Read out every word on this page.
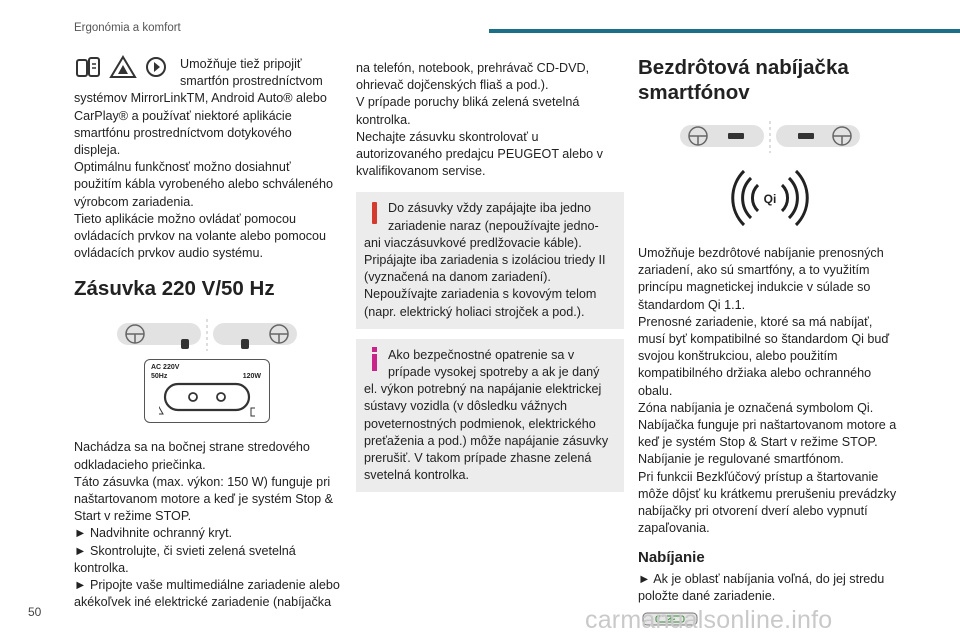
Ergonómia a komfort

Umožňuje tiež pripojiť smartfón prostredníctvom

systémov MirrorLinkTM, Android Auto® alebo CarPlay® a používať niektoré aplikácie smartfónu prostredníctvom dotykového displeja.

Optimálnu funkčnosť možno dosiahnuť použitím kábla vyrobeného alebo schváleného výrobcom zariadenia.

Tieto aplikácie možno ovládať pomocou ovládacích prvkov na volante alebo pomocou ovládacích prvkov audio systému.

Zásuvka 220 V/50 Hz

AC 220V
50Hz	120W

Nachádza sa na bočnej strane stredového odkladacieho priečinka.

Táto zásuvka (max. výkon: 150 W) funguje pri naštartovanom motore a keď je systém Stop & Start v režime STOP.

► Nadvihnite ochranný kryt.

► Skontrolujte, či svieti zelená svetelná kontrolka.

► Pripojte vaše multimediálne zariadenie alebo akékoľvek iné elektrické zariadenie (nabíjačka

na telefón, notebook, prehrávač CD-DVD, ohrievač dojčenských fliaš a pod.).

V prípade poruchy bliká zelená svetelná kontrolka.

Nechajte zásuvku skontrolovať u autorizovaného predajcu PEUGEOT alebo v kvalifikovanom servise.

Do zásuvky vždy zapájajte iba jedno zariadenie naraz (nepoužívajte jedno- ani viaczásuvkové predlžovacie káble).

Pripájajte iba zariadenia s izoláciou triedy II (vyznačená na danom zariadení).

Nepoužívajte zariadenia s kovovým telom (napr. elektrický holiaci strojček a pod.).

Ako bezpečnostné opatrenie sa v prípade vysokej spotreby a ak je daný el. výkon potrebný na napájanie elektrickej sústavy vozidla (v dôsledku vážnych poveternostných podmienok, elektrického preťaženia a pod.) môže napájanie zásuvky prerušiť. V takom prípade zhasne zelená svetelná kontrolka.

Bezdrôtová nabíjačka smartfónov

Qi

Umožňuje bezdrôtové nabíjanie prenosných zariadení, ako sú smartfóny, a to využitím princípu magnetickej indukcie v súlade so štandardom Qi 1.1.

Prenosné zariadenie, ktoré sa má nabíjať, musí byť kompatibilné so štandardom Qi buď svojou konštrukciou, alebo použitím kompatibilného držiaka alebo ochranného obalu.

Zóna nabíjania je označená symbolom Qi.

Nabíjačka funguje pri naštartovanom motore a keď je systém Stop & Start v režime STOP.

Nabíjanie je regulované smartfónom.

Pri funkcii Bezkľúčový prístup a štartovanie môže dôjsť ku krátkemu prerušeniu prevádzky nabíjačky pri otvorení dverí alebo vypnutí zapaľovania.

Nabíjanie

► Ak je oblasť nabíjania voľná, do jej stredu položte dané zariadenie.

50	carmanualsonline.info
